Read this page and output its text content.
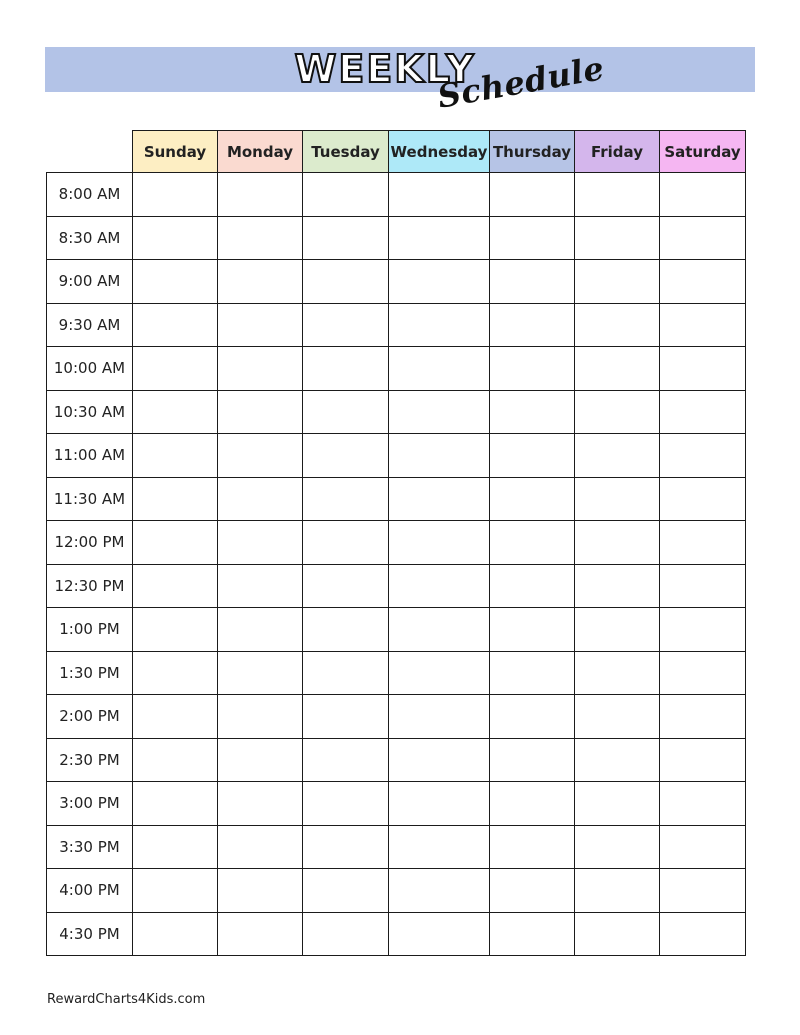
WEEKLY
Schedule
	Sunday	Monday	Tuesday	Wednesday	Thursday	Friday	Saturday
8:00 AM							
8:30 AM							
9:00 AM							
9:30 AM							
10:00 AM							
10:30 AM							
11:00 AM							
11:30 AM							
12:00 PM							
12:30 PM							
1:00 PM							
1:30 PM							
2:00 PM							
2:30 PM							
3:00 PM							
3:30 PM							
4:00 PM							
4:30 PM							
RewardCharts4Kids.com
